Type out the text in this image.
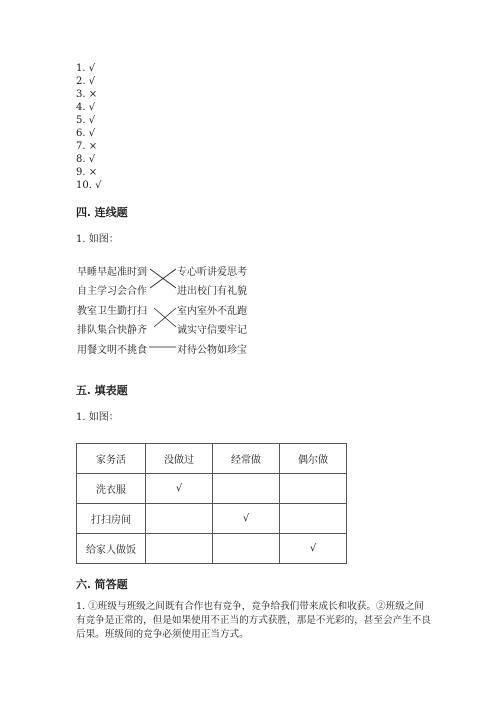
1. √
2. √
3. ×
4. √
5. √
6. √
7. ×
8. √
9. ×
10. √
四. 连线题
1. 如图：
早睡早起准时到
自主学习会合作
教室卫生勤打扫
排队集合快静齐
用餐文明不挑食
专心听讲爱思考
进出校门有礼貌
室内室外不乱跑
诚实守信要牢记
对待公物如珍宝
五. 填表题
1. 如图：
家务活	没做过	经常做	偶尔做
洗衣服	√		
打扫房间		√	
给家人做饭			√
六. 简答题
1. ①班级与班级之间既有合作也有竞争，竞争给我们带来成长和收获。②班级之间有竞争是正常的，但是如果使用不正当的方式获胜，那是不光彩的，甚至会产生不良后果。班级间的竞争必须使用正当方式。
